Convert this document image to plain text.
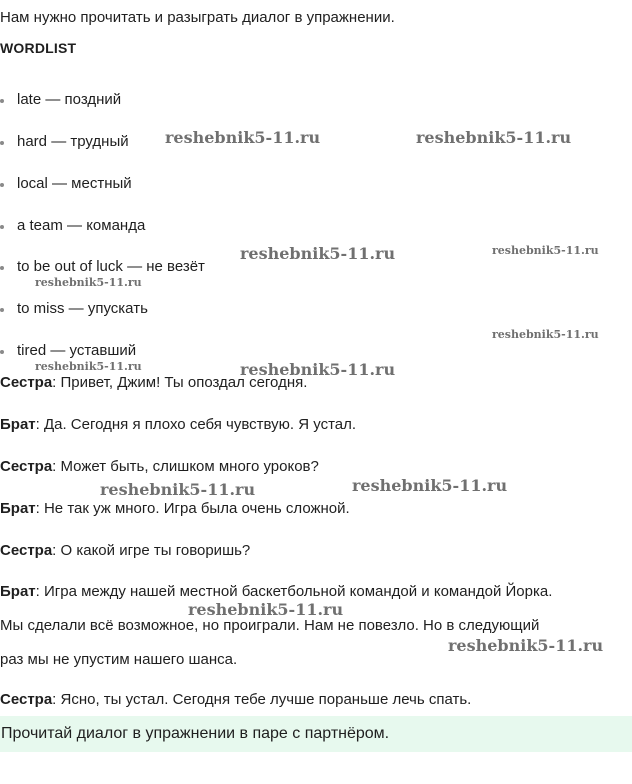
Нам нужно прочитать и разыграть диалог в упражнении.
WORDLIST
late — поздний
hard — трудный
local — местный
a team — команда
to be out of luck — не везёт
to miss — упускать
tired — уставший
Сестра: Привет, Джим! Ты опоздал сегодня.
Брат: Да. Сегодня я плохо себя чувствую. Я устал.
Сестра: Может быть, слишком много уроков?
Брат: Не так уж много. Игра была очень сложной.
Сестра: О какой игре ты говоришь?
Брат: Игра между нашей местной баскетбольной командой и командой Йорка.
Мы сделали всё возможное, но проиграли. Нам не повезло. Но в следующий
раз мы не упустим нашего шанса.
Сестра: Ясно, ты устал. Сегодня тебе лучше пораньше лечь спать.
Прочитай диалог в упражнении в паре с партнёром.
reshebnik5-11.ru	reshebnik5-11.ru
reshebnik5-11.ru	reshebnik5-11.ru
reshebnik5-11.ru
reshebnik5-11.ru
reshebnik5-11.ru	reshebnik5-11.ru
reshebnik5-11.ru	reshebnik5-11.ru
reshebnik5-11.ru
reshebnik5-11.ru
